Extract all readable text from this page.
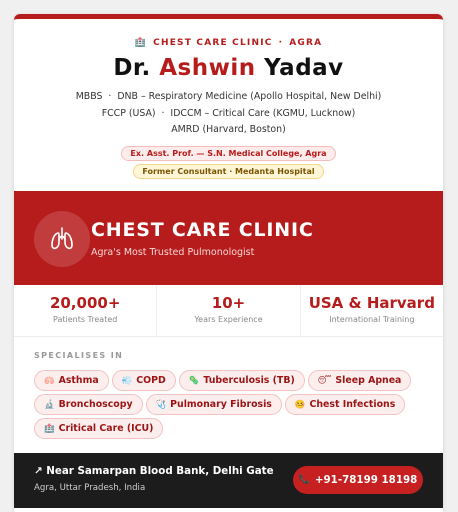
🏥 CHEST CARE CLINIC · AGRA
Dr. Ashwin Yadav
MBBS  ·  DNB – Respiratory Medicine (Apollo Hospital, New Delhi)
FCCP (USA)  ·  IDCCM – Critical Care (KGMU, Lucknow)
AMRD (Harvard, Boston)
Ex. Asst. Prof. — S.N. Medical College, Agra
Former Consultant · Medanta Hospital
CHEST CARE CLINIC
Agra's Most Trusted Pulmonologist
20,000+
Patients Treated
10+
Years Experience
USA & Harvard
International Training
SPECIALISES IN
🫁 Asthma	💨 COPD	🦠 Tuberculosis (TB)	😴 Sleep Apnea
🔬 Bronchoscopy	🩺 Pulmonary Fibrosis	🤒 Chest Infections
🏥 Critical Care (ICU)
↗ Near Samarpan Blood Bank, Delhi Gate
Agra, Uttar Pradesh, India
📞 +91-78199 18198
